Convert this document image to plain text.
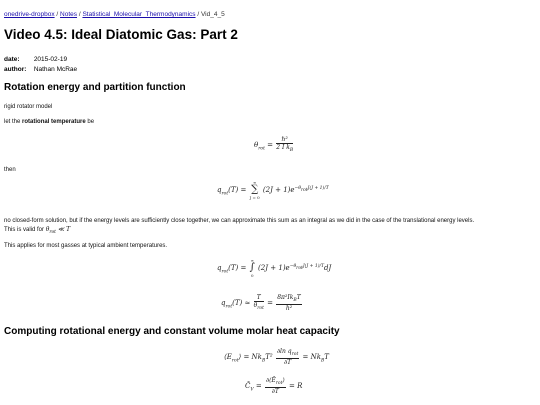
onedrive-dropbox / Notes / Statistical_Molecular_Thermodynamics / Vid_4_5
Video 4.5: Ideal Diatomic Gas: Part 2
date: 2015-02-19
author: Nathan McRae
Rotation energy and partition function
rigid rotator model
let the rotational temperature be
$\theta_{rot} = \frac{\text{ℏ²}}{2 I k_B}$
then
$q_{rot}(T)$ = ∞
∑
J = 0 $(2J + 1)e^{-\theta_{rot}J(J + 1)/T}$
no closed-form solution, but if the energy levels are sufficiently close together, we can approximate this sum as an integral as we did in the case of the translational energy levels.
This is valid for $\theta_{rot}$ ≪ T
This applies for most gasses at typical ambient temperatures.
$q_{rot}(T)$ = ∞
∫
0 $(2J + 1)e^{-\theta_{rot}J(J + 1)/T}dJ$
$q_{rot}(T) \approx \frac{T}{\theta_{rot}} = \frac{8\pi^2Ik_BT}{\text{h²}}$
Computing rotational energy and constant volume molar heat capacity
$⟨E_{rot}⟩ = Nk_BT^2 \frac{\partial\ln q_{rot}}{\partial T} = Nk_BT$
$C̄_V = \frac{\partial⟨Ē_{rot}⟩}{\partial T} = R$
